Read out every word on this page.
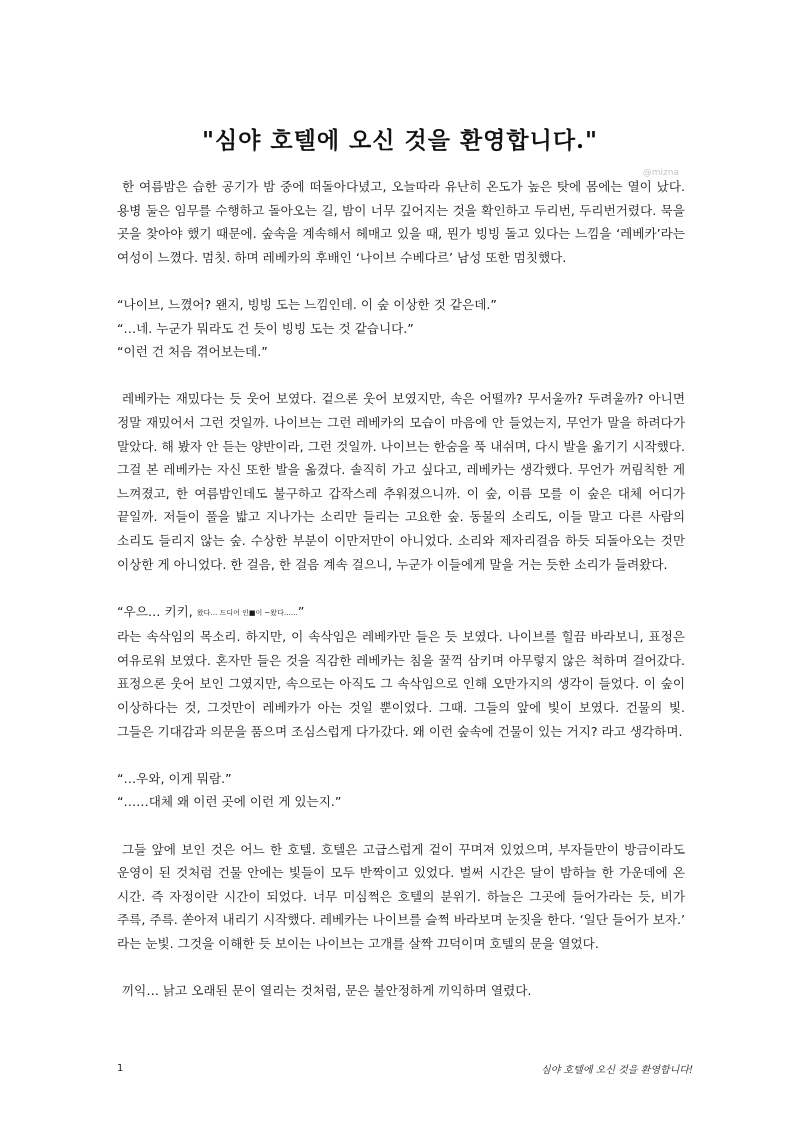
"심야 호텔에 오신 것을 환영합니다."
@mizna

한 여름밤은 습한 공기가 밤 중에 떠돌아다녔고, 오늘따라 유난히 온도가 높은 탓에 몸에는 열이 났다. 용병 둘은 임무를 수행하고 돌아오는 길, 밤이 너무 깊어지는 것을 확인하고 두리번, 두리번거렸다. 묵을 곳을 찾아야 했기 때문에. 숲속을 계속해서 헤매고 있을 때, 뭔가 빙빙 돌고 있다는 느낌을 ‘레베카’라는 여성이 느꼈다. 멈칫. 하며 레베카의 후배인 ‘나이브 수베다르’ 남성 또한 멈칫했다.

“나이브, 느꼈어? 왠지, 빙빙 도는 느낌인데. 이 숲 이상한 것 같은데.”

“…네. 누군가 뭐라도 건 듯이 빙빙 도는 것 같습니다.”

“이런 건 처음 겪어보는데.”

레베카는 재밌다는 듯 웃어 보였다. 겉으론 웃어 보였지만, 속은 어떨까? 무서울까? 두려울까? 아니면 정말 재밌어서 그런 것일까. 나이브는 그런 레베카의 모습이 마음에 안 들었는지, 무언가 말을 하려다가 말았다. 해 봤자 안 듣는 양반이라, 그런 것일까. 나이브는 한숨을 푹 내쉬며, 다시 발을 옮기기 시작했다. 그걸 본 레베카는 자신 또한 발을 옮겼다. 솔직히 가고 싶다고, 레베카는 생각했다. 무언가 꺼림칙한 게 느껴졌고, 한 여름밤인데도 불구하고 갑작스레 추워졌으니까. 이 숲, 이름 모를 이 숲은 대체 어디가 끝일까. 저들이 풀을 밟고 지나가는 소리만 들리는 고요한 숲. 동물의 소리도, 이들 말고 다른 사람의 소리도 들리지 않는 숲. 수상한 부분이 이만저만이 아니었다. 소리와 제자리걸음 하듯 되돌아오는 것만 이상한 게 아니었다. 한 걸음, 한 걸음 계속 걸으니, 누군가 이들에게 말을 거는 듯한 소리가 들려왔다.

“우으… 키키, 왔다… 드디어 인■이 ~왔다……”

라는 속삭임의 목소리. 하지만, 이 속삭임은 레베카만 들은 듯 보였다. 나이브를 힐끔 바라보니, 표정은 여유로워 보였다. 혼자만 들은 것을 직감한 레베카는 침을 꿀꺽 삼키며 아무렇지 않은 척하며 걸어갔다. 표정으론 웃어 보인 그였지만, 속으로는 아직도 그 속삭임으로 인해 오만가지의 생각이 들었다. 이 숲이 이상하다는 것, 그것만이 레베카가 아는 것일 뿐이었다. 그때. 그들의 앞에 빛이 보였다. 건물의 빛. 그들은 기대감과 의문을 품으며 조심스럽게 다가갔다. 왜 이런 숲속에 건물이 있는 거지? 라고 생각하며.

“…우와, 이게 뭐람.”

“……대체 왜 이런 곳에 이런 게 있는지.”

그들 앞에 보인 것은 어느 한 호텔. 호텔은 고급스럽게 겉이 꾸며져 있었으며, 부자들만이 방금이라도 운영이 된 것처럼 건물 안에는 빛들이 모두 반짝이고 있었다. 벌써 시간은 달이 밤하늘 한 가운데에 온 시간. 즉 자정이란 시간이 되었다. 너무 미심쩍은 호텔의 분위기. 하늘은 그곳에 들어가라는 듯, 비가 주륵, 주륵. 쏟아져 내리기 시작했다. 레베카는 나이브를 슬쩍 바라보며 눈짓을 한다. ‘일단 들어가 보자.’ 라는 눈빛. 그것을 이해한 듯 보이는 나이브는 고개를 살짝 끄덕이며 호텔의 문을 열었다.

끼익… 낡고 오래된 문이 열리는 것처럼, 문은 불안정하게 끼익하며 열렸다.

1	심야 호텔에 오신 것을 환영합니다!
